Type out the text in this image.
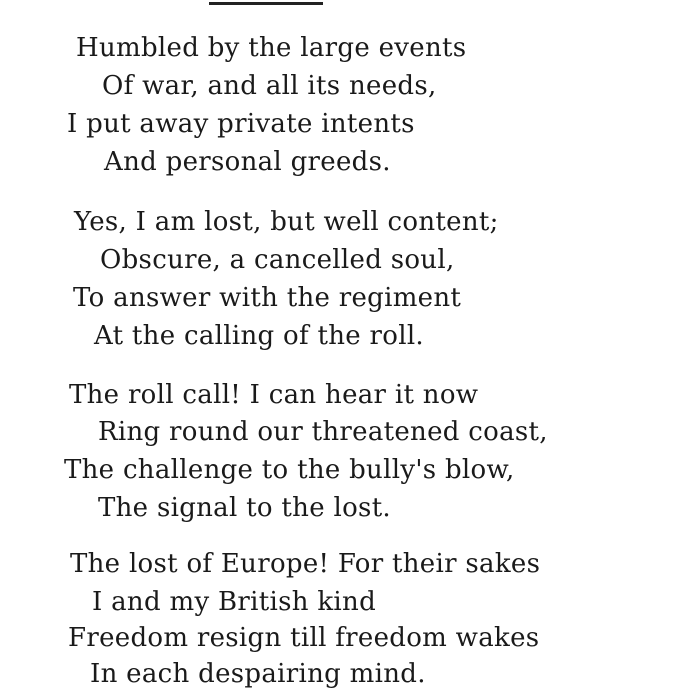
Humbled by the large events
Of war, and all its needs,
I put away private intents
And personal greeds.
Yes, I am lost, but well content;
Obscure, a cancelled soul,
To answer with the regiment
At the calling of the roll.
The roll call! I can hear it now
Ring round our threatened coast,
The challenge to the bully's blow,
The signal to the lost.
The lost of Europe! For their sakes
I and my British kind
Freedom resign till freedom wakes
In each despairing mind.
